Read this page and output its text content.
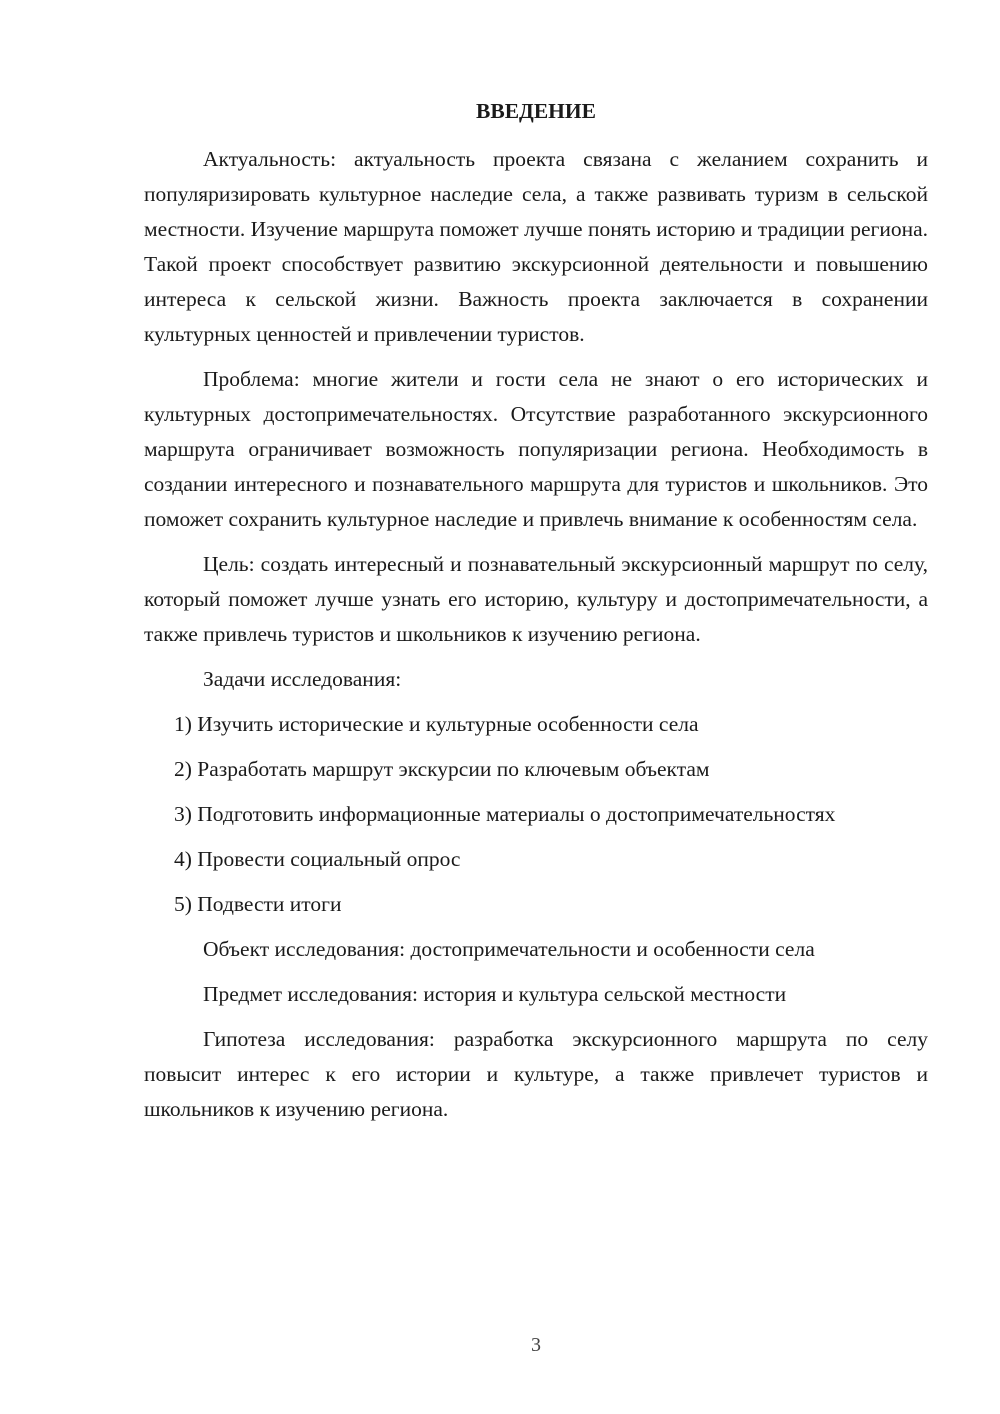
ВВЕДЕНИЕ

Актуальность: актуальность проекта связана с желанием сохранить и популяризировать культурное наследие села, а также развивать туризм в сельской местности. Изучение маршрута поможет лучше понять историю и традиции региона. Такой проект способствует развитию экскурсионной деятельности и повышению интереса к сельской жизни. Важность проекта заключается в сохранении культурных ценностей и привлечении туристов.

Проблема: многие жители и гости села не знают о его исторических и культурных достопримечательностях. Отсутствие разработанного экскурсионного маршрута ограничивает возможность популяризации региона. Необходимость в создании интересного и познавательного маршрута для туристов и школьников. Это поможет сохранить культурное наследие и привлечь внимание к особенностям села.

Цель: создать интересный и познавательный экскурсионный маршрут по селу, который поможет лучше узнать его историю, культуру и достопримечательности, а также привлечь туристов и школьников к изучению региона.

Задачи исследования:

1) Изучить исторические и культурные особенности села

2) Разработать маршрут экскурсии по ключевым объектам

3) Подготовить информационные материалы о достопримечательностях

4) Провести социальный опрос

5) Подвести итоги

Объект исследования: достопримечательности и особенности села

Предмет исследования: история и культура сельской местности

Гипотеза исследования: разработка экскурсионного маршрута по селу повысит интерес к его истории и культуре, а также привлечет туристов и школьников к изучению региона.

3
